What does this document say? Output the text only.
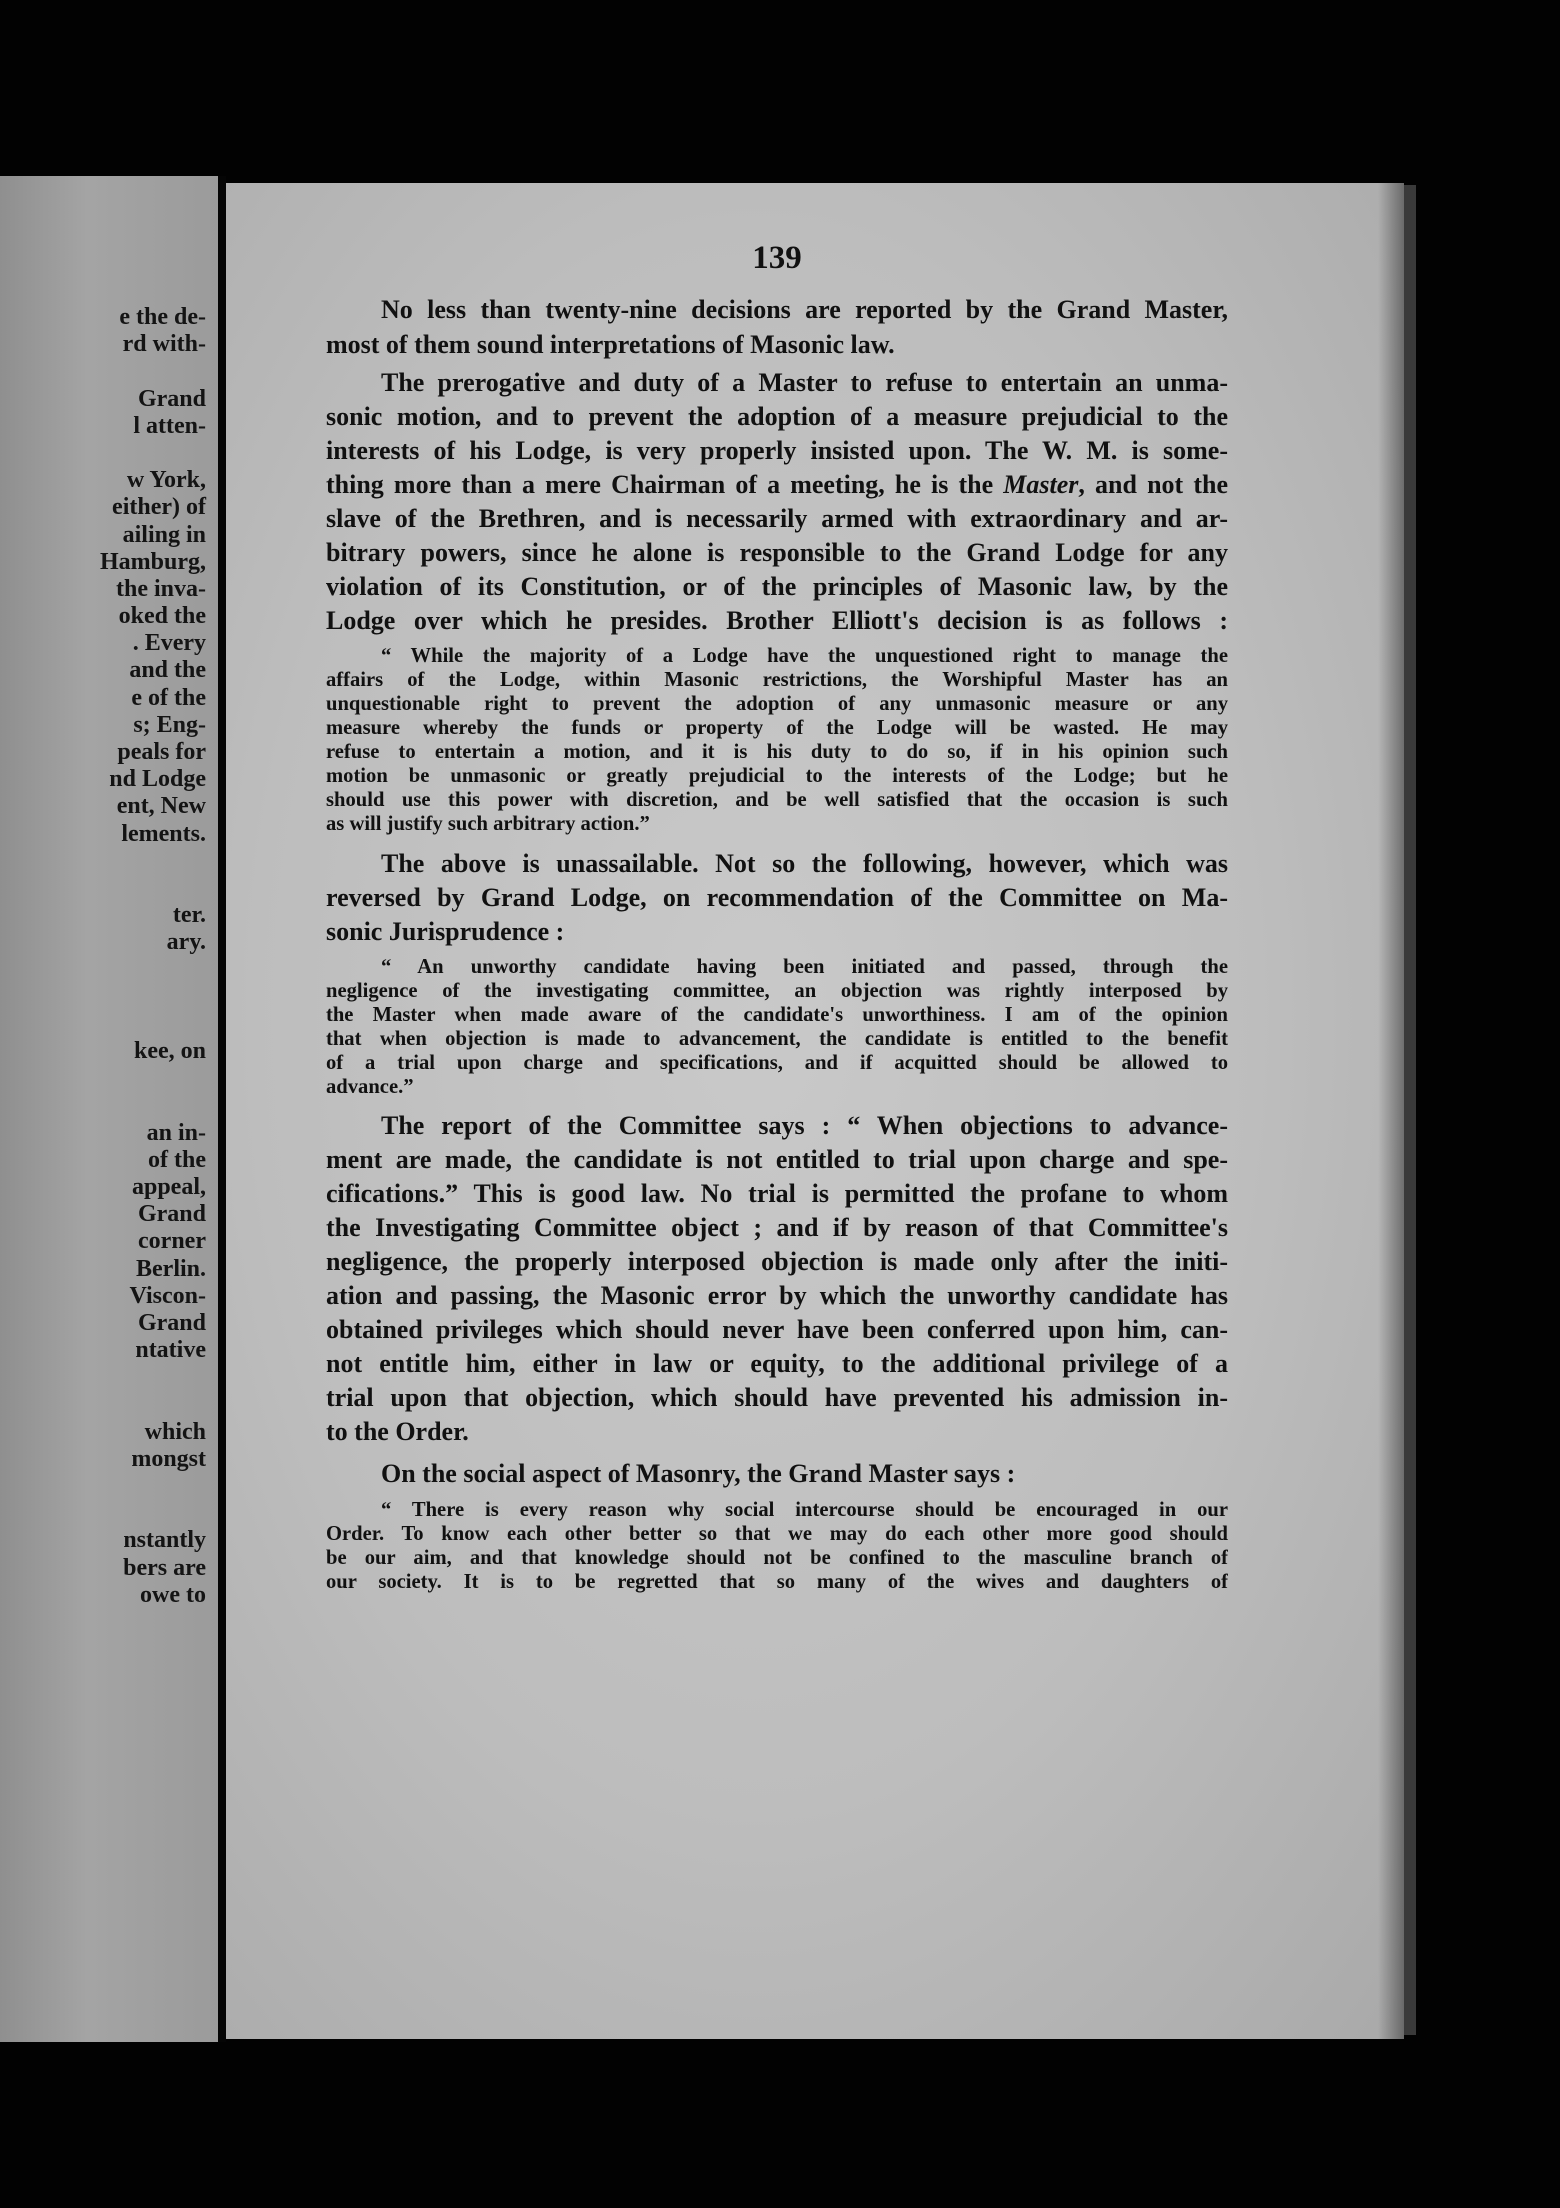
e the de-
rd with-
Grand
l atten-
w York,
either) of
ailing in
Hamburg,
the inva-
oked the
. Every
and the
e of the
s; Eng-
peals for
nd Lodge
ent, New
lements.
ter.
ary.
kee, on
an in-
of the
appeal,
Grand
corner
Berlin.
Viscon-
Grand
ntative
which
mongst
nstantly
bers are
owe to
139
No less than twenty-nine decisions are reported by the Grand Master,
most of them sound interpretations of Masonic law.
The prerogative and duty of a Master to refuse to entertain an unma-
sonic motion, and to prevent the adoption of a measure prejudicial to the
interests of his Lodge, is very properly insisted upon. The W. M. is some-
thing more than a mere Chairman of a meeting, he is the Master, and not the
slave of the Brethren, and is necessarily armed with extraordinary and ar-
bitrary powers, since he alone is responsible to the Grand Lodge for any
violation of its Constitution, or of the principles of Masonic law, by the
Lodge over which he presides. Brother Elliott's decision is as follows :
“ While the majority of a Lodge have the unquestioned right to manage the
affairs of the Lodge, within Masonic restrictions, the Worshipful Master has an
unquestionable right to prevent the adoption of any unmasonic measure or any
measure whereby the funds or property of the Lodge will be wasted. He may
refuse to entertain a motion, and it is his duty to do so, if in his opinion such
motion be unmasonic or greatly prejudicial to the interests of the Lodge; but he
should use this power with discretion, and be well satisfied that the occasion is such
as will justify such arbitrary action.”
The above is unassailable. Not so the following, however, which was
reversed by Grand Lodge, on recommendation of the Committee on Ma-
sonic Jurisprudence :
“ An unworthy candidate having been initiated and passed, through the
negligence of the investigating committee, an objection was rightly interposed by
the Master when made aware of the candidate's unworthiness. I am of the opinion
that when objection is made to advancement, the candidate is entitled to the benefit
of a trial upon charge and specifications, and if acquitted should be allowed to
advance.”
The report of the Committee says : “ When objections to advance-
ment are made, the candidate is not entitled to trial upon charge and spe-
cifications.” This is good law. No trial is permitted the profane to whom
the Investigating Committee object ; and if by reason of that Committee's
negligence, the properly interposed objection is made only after the initi-
ation and passing, the Masonic error by which the unworthy candidate has
obtained privileges which should never have been conferred upon him, can-
not entitle him, either in law or equity, to the additional privilege of a
trial upon that objection, which should have prevented his admission in-
to the Order.
On the social aspect of Masonry, the Grand Master says :
“ There is every reason why social intercourse should be encouraged in our
Order. To know each other better so that we may do each other more good should
be our aim, and that knowledge should not be confined to the masculine branch of
our society. It is to be regretted that so many of the wives and daughters of
